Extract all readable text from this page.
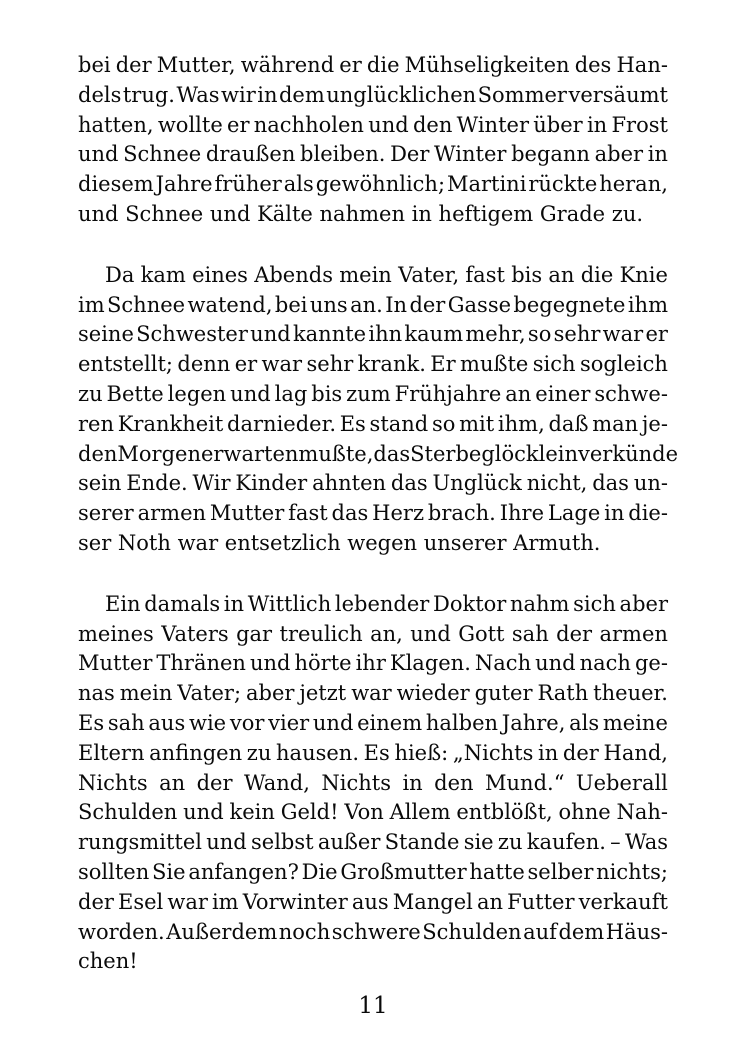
bei der Mutter, während er die Mühseligkeiten des Han-
dels trug. Was wir in dem unglücklichen Sommer versäumt
hatten, wollte er nachholen und den Winter über in Frost
und Schnee draußen bleiben. Der Winter begann aber in
diesem Jahre früher als gewöhnlich; Martini rückte heran,
und Schnee und Kälte nahmen in heftigem Grade zu.
Da kam eines Abends mein Vater, fast bis an die Knie
im Schnee watend, bei uns an. In der Gasse begegnete ihm
seine Schwester und kannte ihn kaum mehr, so sehr war er
entstellt; denn er war sehr krank. Er mußte sich sogleich
zu Bette legen und lag bis zum Frühjahre an einer schwe-
ren Krankheit darnieder. Es stand so mit ihm, daß man je-
den Morgen erwarten mußte, das Sterbeglöcklein verkünde
sein Ende. Wir Kinder ahnten das Unglück nicht, das un-
serer armen Mutter fast das Herz brach. Ihre Lage in die-
ser Noth war entsetzlich wegen unserer Armuth.
Ein damals in Wittlich lebender Doktor nahm sich aber
meines Vaters gar treulich an, und Gott sah der armen
Mutter Thränen und hörte ihr Klagen. Nach und nach ge-
nas mein Vater; aber jetzt war wieder guter Rath theuer.
Es sah aus wie vor vier und einem halben Jahre, als meine
Eltern anfingen zu hausen. Es hieß: „Nichts in der Hand,
Nichts an der Wand, Nichts in den Mund.“ Ueberall
Schulden und kein Geld! Von Allem entblößt, ohne Nah-
rungsmittel und selbst außer Stande sie zu kaufen. – Was
sollten Sie anfangen? Die Großmutter hatte selber nichts;
der Esel war im Vorwinter aus Mangel an Futter verkauft
worden. Außerdem noch schwere Schulden auf dem Häus-
chen!
11
